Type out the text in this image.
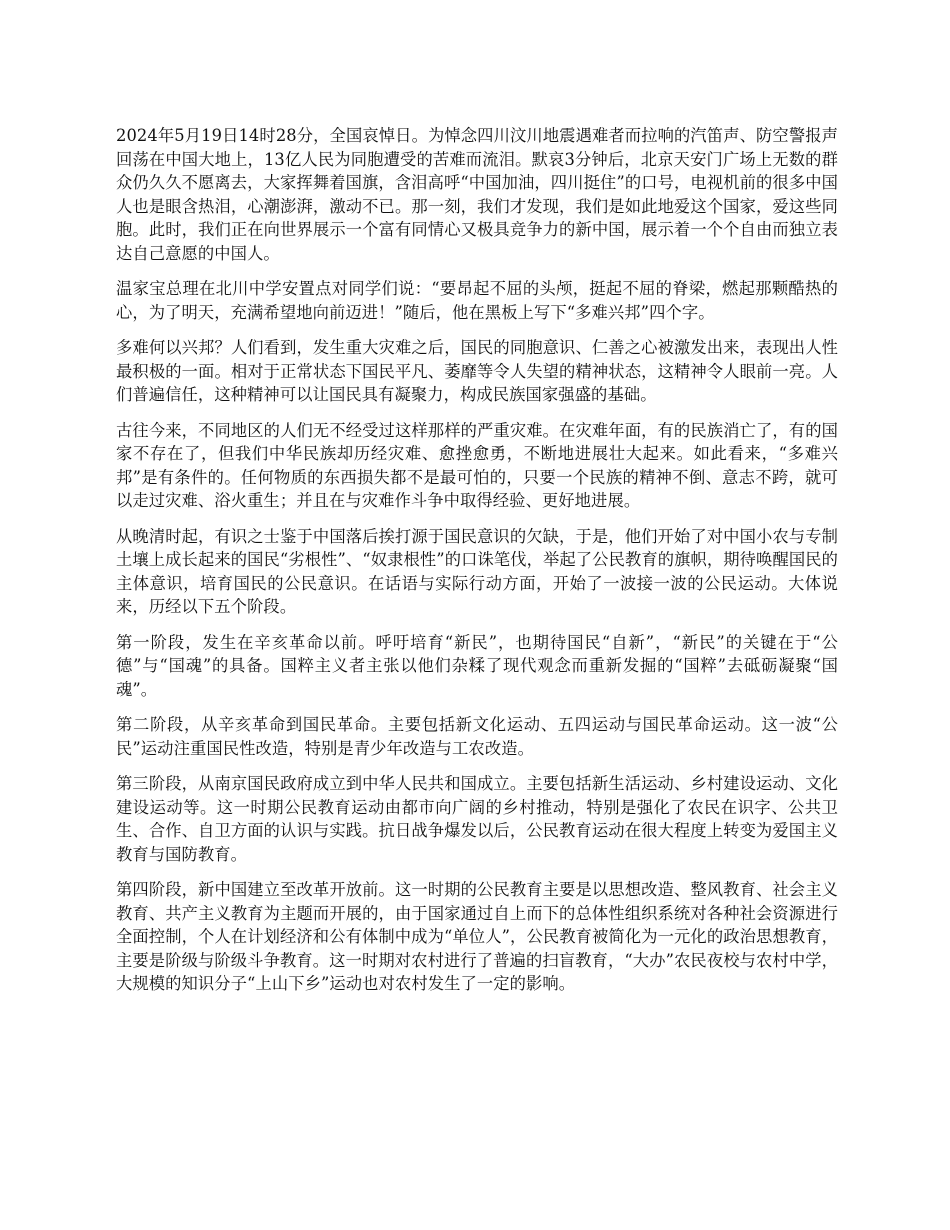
2024年5月19日14时28分，全国哀悼日。为悼念四川汶川地震遇难者而拉响的汽笛声、防空警报声回荡在中国大地上，13亿人民为同胞遭受的苦难而流泪。默哀3分钟后，北京天安门广场上无数的群众仍久久不愿离去，大家挥舞着国旗，含泪高呼“中国加油，四川挺住”的口号，电视机前的很多中国人也是眼含热泪，心潮澎湃，激动不已。那一刻，我们才发现，我们是如此地爱这个国家，爱这些同胞。此时，我们正在向世界展示一个富有同情心又极具竞争力的新中国，展示着一个个自由而独立表达自己意愿的中国人。

温家宝总理在北川中学安置点对同学们说：“要昂起不屈的头颅，挺起不屈的脊梁，燃起那颗酷热的心，为了明天，充满希望地向前迈进！”随后，他在黑板上写下“多难兴邦”四个字。

多难何以兴邦？人们看到，发生重大灾难之后，国民的同胞意识、仁善之心被激发出来，表现出人性最积极的一面。相对于正常状态下国民平凡、萎靡等令人失望的精神状态，这精神令人眼前一亮。人们普遍信任，这种精神可以让国民具有凝聚力，构成民族国家强盛的基础。

古往今来，不同地区的人们无不经受过这样那样的严重灾难。在灾难年面，有的民族消亡了，有的国家不存在了，但我们中华民族却历经灾难、愈挫愈勇，不断地进展壮大起来。如此看来，“多难兴邦”是有条件的。任何物质的东西损失都不是最可怕的，只要一个民族的精神不倒、意志不跨，就可以走过灾难、浴火重生；并且在与灾难作斗争中取得经验、更好地进展。

从晚清时起，有识之士鉴于中国落后挨打源于国民意识的欠缺，于是，他们开始了对中国小农与专制土壤上成长起来的国民“劣根性”、“奴隶根性”的口诛笔伐，举起了公民教育的旗帜，期待唤醒国民的主体意识，培育国民的公民意识。在话语与实际行动方面，开始了一波接一波的公民运动。大体说来，历经以下五个阶段。

第一阶段，发生在辛亥革命以前。呼吁培育“新民”，也期待国民“自新”，“新民”的关键在于“公德”与“国魂”的具备。国粹主义者主张以他们杂糅了现代观念而重新发掘的“国粹”去砥砺凝聚“国魂”。

第二阶段，从辛亥革命到国民革命。主要包括新文化运动、五四运动与国民革命运动。这一波“公民”运动注重国民性改造，特别是青少年改造与工农改造。

第三阶段，从南京国民政府成立到中华人民共和国成立。主要包括新生活运动、乡村建设运动、文化建设运动等。这一时期公民教育运动由都市向广阔的乡村推动，特别是强化了农民在识字、公共卫生、合作、自卫方面的认识与实践。抗日战争爆发以后，公民教育运动在很大程度上转变为爱国主义教育与国防教育。

第四阶段，新中国建立至改革开放前。这一时期的公民教育主要是以思想改造、整风教育、社会主义教育、共产主义教育为主题而开展的，由于国家通过自上而下的总体性组织系统对各种社会资源进行全面控制，个人在计划经济和公有体制中成为“单位人”，公民教育被简化为一元化的政治思想教育，主要是阶级与阶级斗争教育。这一时期对农村进行了普遍的扫盲教育，“大办”农民夜校与农村中学，大规模的知识分子“上山下乡”运动也对农村发生了一定的影响。
